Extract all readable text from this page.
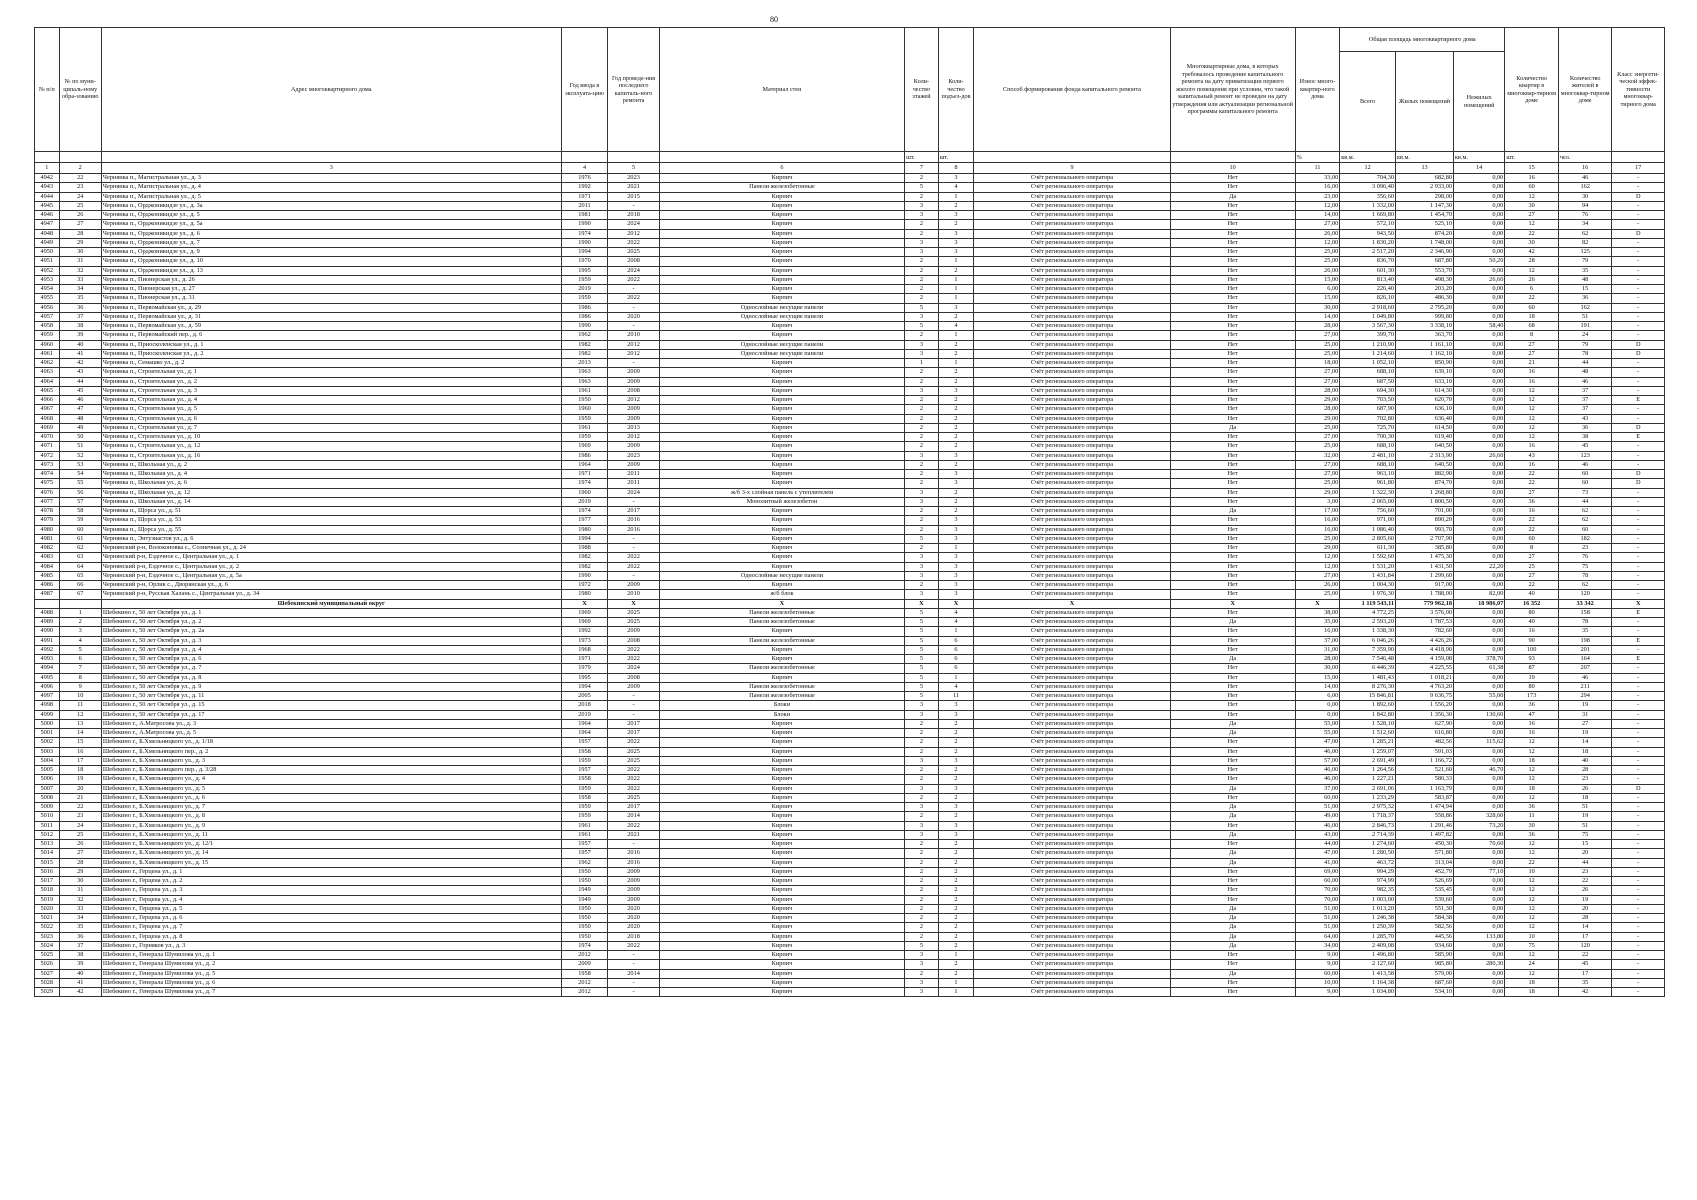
80
№ п/п	№ по муни-ципаль-ному обра-зованию	Адрес многоквартирного дома	Год ввода в эксплуата-цию	Год проведе-ния последнего капиталь-ного ремонта	Материал стен	Коли-чество этажей	Коли-чество подъез-дов	Способ формирования фонда капитального ремонта	Многоквартирные дома, в которых требовалось проведение капитального ремонта на дату приватизации первого жилого помещения при условии, что такой капитальный ремонт не проведен на дату утверждения или актуализации региональной программы капитального ремонта	Износ много-квартир-ного дома	Общая площадь многоквартирного дома			Количество квартир в многоквар-тирном доме	Количество жителей в многоквар-тирном доме	Класс энергети-ческой эффек-тивности многоквар-тирного дома
											Всего	Жилых помещений	Нежилых помещений			
						шт.	шт.			%	кв.м.	кв.м.	кв.м.	шт.	чел.	
1	2	3	4	5	6	7	8	9	10	11	12	13	14	15	16	17
4942	22	Чернянка п., Магистральная ул., д. 3	1976	2023	Кирпич	2	3	Счёт регионального оператора	Нет	33,00	704,30	682,80	0,00	16	46	-
4943	23	Чернянка п., Магистральная ул., д. 4	1992	2021	Панели железобетонные	5	4	Счёт регионального оператора	Нет	16,00	3 096,40	2 933,00	0,00	60	162	-
4944	24	Чернянка п., Магистральная ул., д. 5	1971	2015	Кирпич	2	1	Счёт регионального оператора	Да	23,00	356,60	298,00	0,00	12	30	D
4945	25	Чернянка п., Орджоникидзе ул., д. 3а	2011	-	Кирпич	3	2	Счёт регионального оператора	Нет	12,00	1 332,00	1 147,30	0,00	30	94	-
4946	26	Чернянка п., Орджоникидзе ул., д. 5	1981	2018	Кирпич	3	3	Счёт регионального оператора	Нет	14,00	1 669,80	1 454,70	0,00	27	76	-
4947	27	Чернянка п., Орджоникидзе ул., д. 5а	1990	2024	Кирпич	2	2	Счёт регионального оператора	Нет	27,00	572,10	525,10	0,00	12	34	-
4948	28	Чернянка п., Орджоникидзе ул., д. 6	1974	2012	Кирпич	2	3	Счёт регионального оператора	Нет	26,00	943,50	874,20	0,00	22	62	D
4949	29	Чернянка п., Орджоникидзе ул., д. 7	1990	2022	Кирпич	3	3	Счёт регионального оператора	Нет	12,00	1 830,20	1 748,00	0,00	30	82	-
4950	30	Чернянка п., Орджоникидзе ул., д. 9	1994	2025	Кирпич	3	3	Счёт регионального оператора	Нет	25,00	2 517,20	2 346,90	0,00	42	125	-
4951	31	Чернянка п., Орджоникидзе ул., д. 10	1970	2008	Кирпич	2	1	Счёт регионального оператора	Нет	25,00	836,70	687,80	50,20	28	79	-
4952	32	Чернянка п., Орджоникидзе ул., д. 13	1995	2024	Кирпич	2	2	Счёт регионального оператора	Нет	26,00	601,30	553,70	0,00	12	35	-
4953	33	Чернянка п., Пионерская ул., д. 26	1959	2022	Кирпич	2	1	Счёт регионального оператора	Нет	15,00	813,40	498,30	26,60	26	48	-
4954	34	Чернянка п., Пионерская ул., д. 27	2019	-	Кирпич	2	1	Счёт регионального оператора	Нет	6,00	226,40	203,20	0,00	6	15	-
4955	35	Чернянка п., Пионерская ул., д. 31	1959	2022	Кирпич	2	1	Счёт регионального оператора	Нет	15,00	826,10	486,30	0,00	22	36	-
4956	36	Чернянка п., Первомайская ул., д. 29	1986	-	Однослойные несущие панели	5	3	Счёт регионального оператора	Нет	30,00	2 918,60	2 795,20	0,00	60	162	-
4957	37	Чернянка п., Первомайская ул., д. 31	1986	2020	Однослойные несущие панели	3	2	Счёт регионального оператора	Нет	14,00	1 049,80	999,80	0,00	18	51	-
4958	38	Чернянка п., Первомайская ул., д. 59	1990	-	Кирпич	5	4	Счёт регионального оператора	Нет	28,00	3 567,30	3 338,10	58,40	68	191	-
4959	39	Чернянка п., Первомайский пер., д. 6	1962	2010	Кирпич	2	1	Счёт регионального оператора	Нет	27,00	399,70	363,70	0,00	8	24	-
4960	40	Чернянка п., Приосколенская ул., д. 1	1982	2012	Однослойные несущие панели	3	2	Счёт регионального оператора	Нет	25,00	1 210,90	1 161,10	0,00	27	79	D
4961	41	Чернянка п., Приосколенская ул., д. 2	1982	2012	Однослойные несущие панели	3	2	Счёт регионального оператора	Нет	25,00	1 214,60	1 162,10	0,00	27	78	D
4962	42	Чернянка п., Семашко ул., д. 2	2013	-	Кирпич	1	1	Счёт регионального оператора	Нет	18,00	1 052,10	850,90	0,00	21	44	-
4963	43	Чернянка п., Строительная ул., д. 1	1963	2009	Кирпич	2	2	Счёт регионального оператора	Нет	27,00	688,10	639,10	0,00	16	48	-
4964	44	Чернянка п., Строительная ул., д. 2	1963	2009	Кирпич	2	2	Счёт регионального оператора	Нет	27,00	687,50	633,10	0,00	16	46	-
4965	45	Чернянка п., Строительная ул., д. 3	1961	2008	Кирпич	3	3	Счёт регионального оператора	Нет	28,00	694,30	614,30	0,00	12	37	-
4966	46	Чернянка п., Строительная ул., д. 4	1950	2012	Кирпич	2	2	Счёт регионального оператора	Нет	29,00	703,50	620,70	0,00	12	37	E
4967	47	Чернянка п., Строительная ул., д. 5	1960	2009	Кирпич	2	2	Счёт регионального оператора	Нет	28,00	687,90	636,10	0,00	12	37	-
4968	48	Чернянка п., Строительная ул., д. 6	1959	2009	Кирпич	2	2	Счёт регионального оператора	Нет	29,00	702,80	636,40	0,00	12	43	-
4969	49	Чернянка п., Строительная ул., д. 7	1961	2013	Кирпич	2	2	Счёт регионального оператора	Да	25,00	725,70	614,50	0,00	12	36	D
4970	50	Чернянка п., Строительная ул., д. 10	1959	2012	Кирпич	2	2	Счёт регионального оператора	Нет	27,00	700,30	619,40	0,00	12	38	E
4971	51	Чернянка п., Строительная ул., д. 12	1969	2009	Кирпич	2	2	Счёт регионального оператора	Нет	25,00	688,10	640,50	0,00	16	45	-
4972	52	Чернянка п., Строительная ул., д. 16	1986	2023	Кирпич	3	3	Счёт регионального оператора	Нет	32,00	2 481,10	2 313,90	26,60	43	123	-
4973	53	Чернянка п., Школьная ул., д. 2	1964	2009	Кирпич	2	2	Счёт регионального оператора	Нет	27,00	688,10	640,50	0,00	16	46	-
4974	54	Чернянка п., Школьная ул., д. 4	1971	2011	Кирпич	2	3	Счёт регионального оператора	Нет	27,00	963,10	882,90	0,00	22	60	D
4975	55	Чернянка п., Школьная ул., д. 6	1974	2011	Кирпич	2	3	Счёт регионального оператора	Нет	25,00	961,80	874,70	0,00	22	60	D
4976	56	Чернянка п., Школьная ул., д. 12	1960	2024	ж/б 3-х слойная панель с утеплителем	3	2	Счёт регионального оператора	Нет	29,00	1 322,30	1 268,80	0,00	27	73	-
4977	57	Чернянка п., Школьная ул., д. 14	2019	-	Монолитный железобетон	3	2	Счёт регионального оператора	Нет	3,00	2 065,00	1 800,50	0,00	36	44	-
4978	58	Чернянка п., Щорса ул., д. 51	1974	2017	Кирпич	2	2	Счёт регионального оператора	Да	17,00	756,60	701,00	0,00	16	62	-
4979	59	Чернянка п., Щорса ул., д. 53	1977	2016	Кирпич	2	3	Счёт регионального оператора	Нет	16,00	971,00	890,20	0,00	22	62	-
4980	60	Чернянка п., Щорса ул., д. 55	1980	2016	Кирпич	2	3	Счёт регионального оператора	Нет	16,00	1 086,40	993,70	0,00	22	60	-
4981	61	Чернянка п., Энтузиастов ул., д. 6	1994	-	Кирпич	5	3	Счёт регионального оператора	Нет	25,00	2 805,60	2 707,90	0,00	60	182	-
4982	62	Чернянский р-н, Волоконовка с., Солнечная ул., д. 24	1988	-	Кирпич	2	1	Счёт регионального оператора	Нет	29,00	611,30	385,80	0,00	8	23	-
4983	63	Чернянский р-н, Ездочное с., Центральная ул., д. 1	1982	2022	Кирпич	3	3	Счёт регионального оператора	Нет	12,00	1 592,60	1 475,30	0,00	27	76	-
4984	64	Чернянский р-н, Ездочное с., Центральная ул., д. 2	1982	2022	Кирпич	3	3	Счёт регионального оператора	Нет	12,00	1 531,20	1 431,50	22,20	25	75	-
4985	65	Чернянский р-н, Ездочное с., Центральная ул., д. 5а	1990	-	Однослойные несущие панели	3	3	Счёт регионального оператора	Нет	27,00	1 431,84	1 299,60	0,00	27	78	-
4986	66	Чернянский р-н, Орлик с., Дворянская ул., д. 6	1972	2009	Кирпич	2	3	Счёт регионального оператора	Нет	26,00	1 004,30	917,00	0,00	22	62	-
4987	67	Чернянский р-н, Русская Халань с., Центральная ул., д. 34	1980	2010	ж/б блок	3	3	Счёт регионального оператора	Нет	25,00	1 976,30	1 788,00	82,00	40	120	-
		Шебекинский муниципальный округ	X	X	X	X	X	X	X	X	1 119 543,11	779 962,18	18 986,07	16 352	33 342	X
4988	1	Шебекино г., 50 лет Октября ул., д. 1	1969	2025	Панели железобетонные	5	4	Счёт регионального оператора	Нет	38,00	4 772,25	3 576,00	0,00	80	158	E
4989	2	Шебекино г., 50 лет Октября ул., д. 2	1969	2025	Панели железобетонные	5	4	Счёт регионального оператора	Да	35,00	2 593,20	1 787,53	0,00	40	78	-
4990	3	Шебекино г., 50 лет Октября ул., д. 2а	1992	2009	Кирпич	5	1	Счёт регионального оператора	Нет	16,00	1 338,30	782,60	0,00	16	35	-
4991	4	Шебекино г., 50 лет Октября ул., д. 3	1973	2008	Панели железобетонные	5	6	Счёт регионального оператора	Нет	37,00	6 046,26	4 426,26	0,00	90	198	E
4992	5	Шебекино г., 50 лет Октября ул., д. 4	1968	2022	Кирпич	5	6	Счёт регионального оператора	Нет	31,00	7 359,90	4 418,90	0,00	100	201	-
4993	6	Шебекино г., 50 лет Октября ул., д. 6	1971	2022	Кирпич	5	6	Счёт регионального оператора	Да	28,00	7 546,48	4 159,08	378,70	93	164	E
4994	7	Шебекино г., 50 лет Октября ул., д. 7	1979	2024	Панели железобетонные	5	6	Счёт регионального оператора	Нет	30,00	6 446,39	4 225,55	61,38	87	207	-
4995	8	Шебекино г., 50 лет Октября ул., д. 8	1995	2008	Кирпич	5	1	Счёт регионального оператора	Нет	15,00	1 481,43	1 018,21	0,00	19	46	-
4996	9	Шебекино г., 50 лет Октября ул., д. 9	1994	2009	Панели железобетонные	5	4	Счёт регионального оператора	Нет	14,00	8 276,30	4 763,20	0,00	80	211	-
4997	10	Шебекино г., 50 лет Октября ул., д. 11	2005	-	Панели железобетонные	5	11	Счёт регионального оператора	Нет	6,00	15 846,81	9 636,75	55,00	173	294	-
4998	11	Шебекино г., 50 лет Октября ул., д. 15	2018	-	Блоки	3	3	Счёт регионального оператора	Нет	0,00	1 892,60	1 556,20	0,00	36	19	-
4999	12	Шебекино г., 50 лет Октября ул., д. 17	2019	-	Блоки	3	3	Счёт регионального оператора	Нет	0,00	1 842,80	1 356,30	130,60	47	31	-
5000	13	Шебекино г., А.Матросова ул., д. 3	1964	2017	Кирпич	2	2	Счёт регионального оператора	Да	55,00	1 528,10	627,90	0,00	16	27	-
5001	14	Шебекино г., А.Матросова ул., д. 5	1964	2017	Кирпич	2	2	Счёт регионального оператора	Да	55,00	1 512,60	616,80	0,00	16	19	-
5002	15	Шебекино г., Б.Хмельницкого ул., д. 1/18	1957	2022	Кирпич	2	2	Счёт регионального оператора	Нет	47,00	1 285,21	482,56	115,62	12	14	-
5003	16	Шебекино г., Б.Хмельницкого пер., д. 2	1958	2025	Кирпич	2	2	Счёт регионального оператора	Нет	46,00	1 259,07	591,03	0,00	12	18	-
5004	17	Шебекино г., Б.Хмельницкого ул., д. 3	1959	2025	Кирпич	3	3	Счёт регионального оператора	Нет	57,00	2 691,49	1 166,72	0,00	18	40	-
5005	18	Шебекино г., Б.Хмельницкого пер., д. 3/28	1957	2022	Кирпич	2	2	Счёт регионального оператора	Нет	46,00	1 264,56	521,60	46,70	12	28	-
5006	19	Шебекино г., Б.Хмельницкого ул., д. 4	1958	2022	Кирпич	2	2	Счёт регионального оператора	Нет	46,00	1 227,21	580,33	0,00	12	23	-
5007	20	Шебекино г., Б.Хмельницкого ул., д. 5	1959	2022	Кирпич	3	3	Счёт регионального оператора	Да	37,00	2 691,06	1 163,79	0,00	18	26	D
5008	21	Шебекино г., Б.Хмельницкого ул., д. 6	1958	2025	Кирпич	2	2	Счёт регионального оператора	Нет	60,00	1 233,29	583,87	0,00	12	18	-
5009	22	Шебекино г., Б.Хмельницкого ул., д. 7	1959	2017	Кирпич	3	3	Счёт регионального оператора	Да	51,00	2 975,32	1 474,94	0,00	36	51	-
5010	23	Шебекино г., Б.Хмельницкого ул., д. 8	1959	2014	Кирпич	2	2	Счёт регионального оператора	Да	49,00	1 718,37	558,86	328,60	11	19	-
5011	24	Шебекино г., Б.Хмельницкого ул., д. 9	1961	2022	Кирпич	3	3	Счёт регионального оператора	Нет	46,00	2 846,73	1 291,46	73,20	30	51	-
5012	25	Шебекино г., Б.Хмельницкого ул., д. 11	1961	2021	Кирпич	3	3	Счёт регионального оператора	Да	43,00	2 714,39	1 497,82	0,00	36	75	-
5013	26	Шебекино г., Б.Хмельницкого ул., д. 12/1	1957	-	Кирпич	2	2	Счёт регионального оператора	Нет	44,00	1 274,60	450,30	70,60	12	15	-
5014	27	Шебекино г., Б.Хмельницкого ул., д. 14	1957	2016	Кирпич	2	2	Счёт регионального оператора	Да	47,00	1 280,50	571,80	0,00	12	20	-
5015	28	Шебекино г., Б.Хмельницкого ул., д. 15	1962	2016	Кирпич	2	2	Счёт регионального оператора	Да	41,00	463,72	313,04	0,00	22	44	-
5016	29	Шебекино г., Герцена ул., д. 1	1950	2009	Кирпич	2	2	Счёт регионального оператора	Нет	69,00	994,29	452,79	77,10	10	23	-
5017	30	Шебекино г., Герцена ул., д. 2	1950	2009	Кирпич	2	2	Счёт регионального оператора	Нет	60,00	974,99	526,69	0,00	12	22	-
5018	31	Шебекино г., Герцена ул., д. 3	1949	2009	Кирпич	2	2	Счёт регионального оператора	Нет	70,00	982,35	535,45	0,00	12	26	-
5019	32	Шебекино г., Герцена ул., д. 4	1949	2009	Кирпич	2	2	Счёт регионального оператора	Нет	70,00	1 003,00	539,60	0,00	12	19	-
5020	33	Шебекино г., Герцена ул., д. 5	1950	2020	Кирпич	2	2	Счёт регионального оператора	Да	51,00	1 013,20	551,30	0,00	12	20	-
5021	34	Шебекино г., Герцена ул., д. 6	1950	2020	Кирпич	2	2	Счёт регионального оператора	Да	51,00	1 246,38	584,38	0,00	12	28	-
5022	35	Шебекино г., Герцена ул., д. 7	1950	2020	Кирпич	2	2	Счёт регионального оператора	Да	51,00	1 250,39	582,56	0,00	12	14	-
5023	36	Шебекино г., Герцена ул., д. 8	1950	2018	Кирпич	2	2	Счёт регионального оператора	Да	64,00	1 285,70	445,56	133,80	10	17	-
5024	37	Шебекино г., Горняков ул., д. 3	1974	2022	Кирпич	5	2	Счёт регионального оператора	Да	34,00	2 409,08	934,60	0,00	75	120	-
5025	38	Шебекино г., Генерала Шумилова ул., д. 1	2012	-	Кирпич	3	1	Счёт регионального оператора	Нет	9,00	1 496,80	585,90	0,00	12	22	-
5026	39	Шебекино г., Генерала Шумилова ул., д. 2	2009	-	Кирпич	3	2	Счёт регионального оператора	Нет	9,00	2 127,60	985,80	280,30	24	45	-
5027	40	Шебекино г., Генерала Шумилова ул., д. 5	1958	2014	Кирпич	2	2	Счёт регионального оператора	Да	60,00	1 413,58	579,00	0,00	12	17	-
5028	41	Шебекино г., Генерала Шумилова ул., д. 6	2012	-	Кирпич	3	1	Счёт регионального оператора	Нет	10,00	1 164,38	687,60	0,00	18	35	-
5029	42	Шебекино г., Генерала Шумилова ул., д. 7	2012	-	Кирпич	3	1	Счёт регионального оператора	Нет	9,00	1 034,80	534,10	0,00	18	42	-
